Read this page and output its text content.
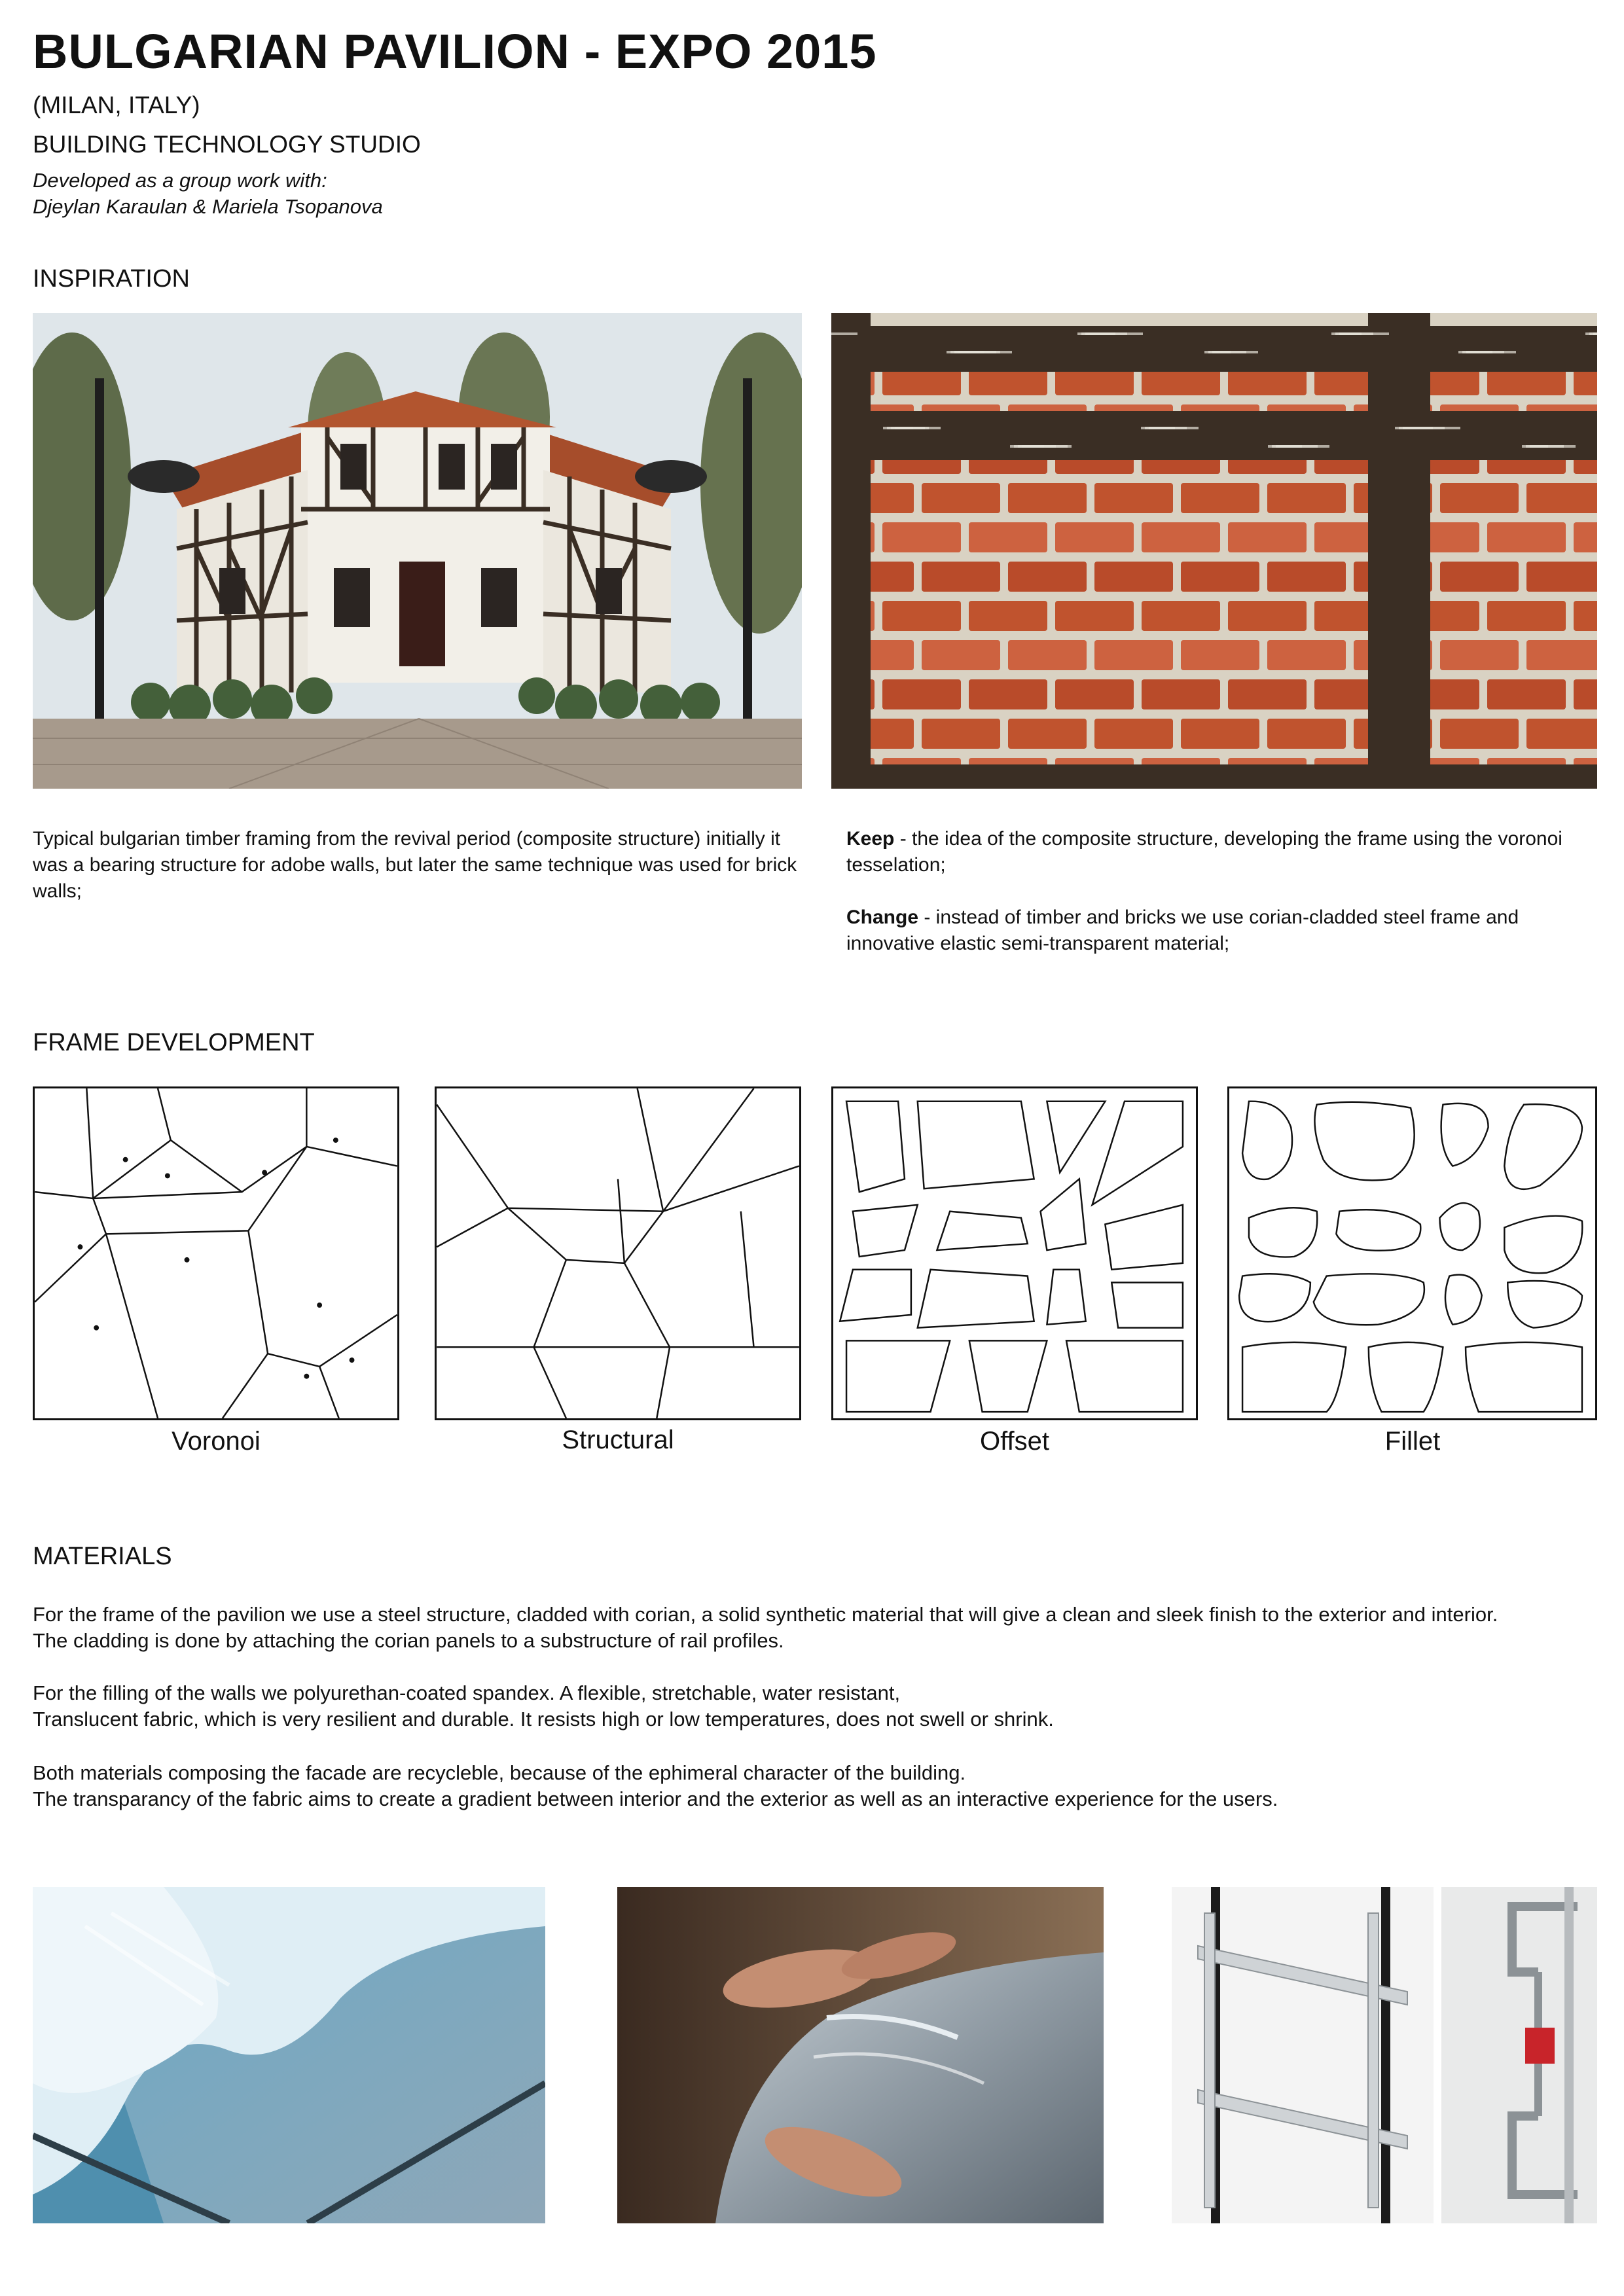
BULGARIAN PAVILION - EXPO 2015
(MILAN, ITALY)
BUILDING TECHNOLOGY STUDIO
Developed as a group work with:
Djeylan Karaulan & Mariela Tsopanova
INSPIRATION
Typical bulgarian timber framing from the revival period (composite structure) initially it was a bearing structure for adobe walls, but later the same technique was used for brick walls;
Keep - the idea of the composite structure, developing the frame using the voronoi tesselation;
Change - instead of timber and bricks we use corian-cladded steel frame and innovative elastic semi-transparent material;
FRAME DEVELOPMENT
Voronoi	Structural	Offset	Fillet
MATERIALS
For the frame of the pavilion we use a steel structure, cladded with corian, a solid synthetic material that will give a clean and sleek finish to the exterior and interior.
The cladding is done by attaching the corian panels to a substructure of rail profiles.
For the filling of the walls we polyurethan-coated spandex. A flexible, stretchable, water resistant,
Translucent fabric, which is very resilient and durable. It resists high or low temperatures, does not swell or shrink.
Both materials composing the facade are recycleble, because of the ephimeral character of the building.
The transparancy of the fabric aims to create a gradient between interior and the exterior as well as an interactive experience for the users.
